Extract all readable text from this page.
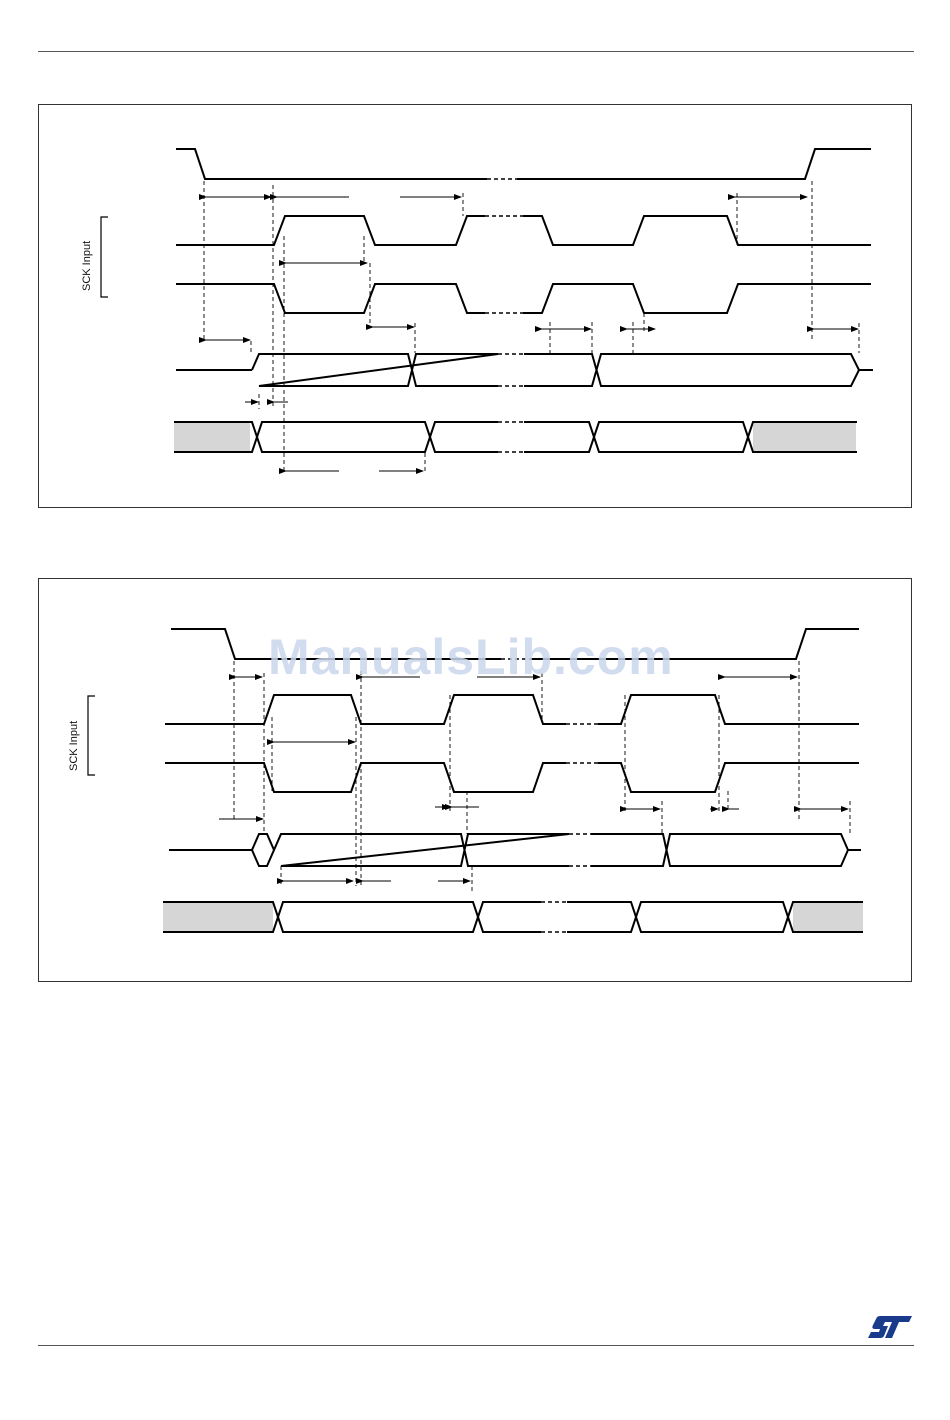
SCK Input
SCK Input
ManualsLib.com
